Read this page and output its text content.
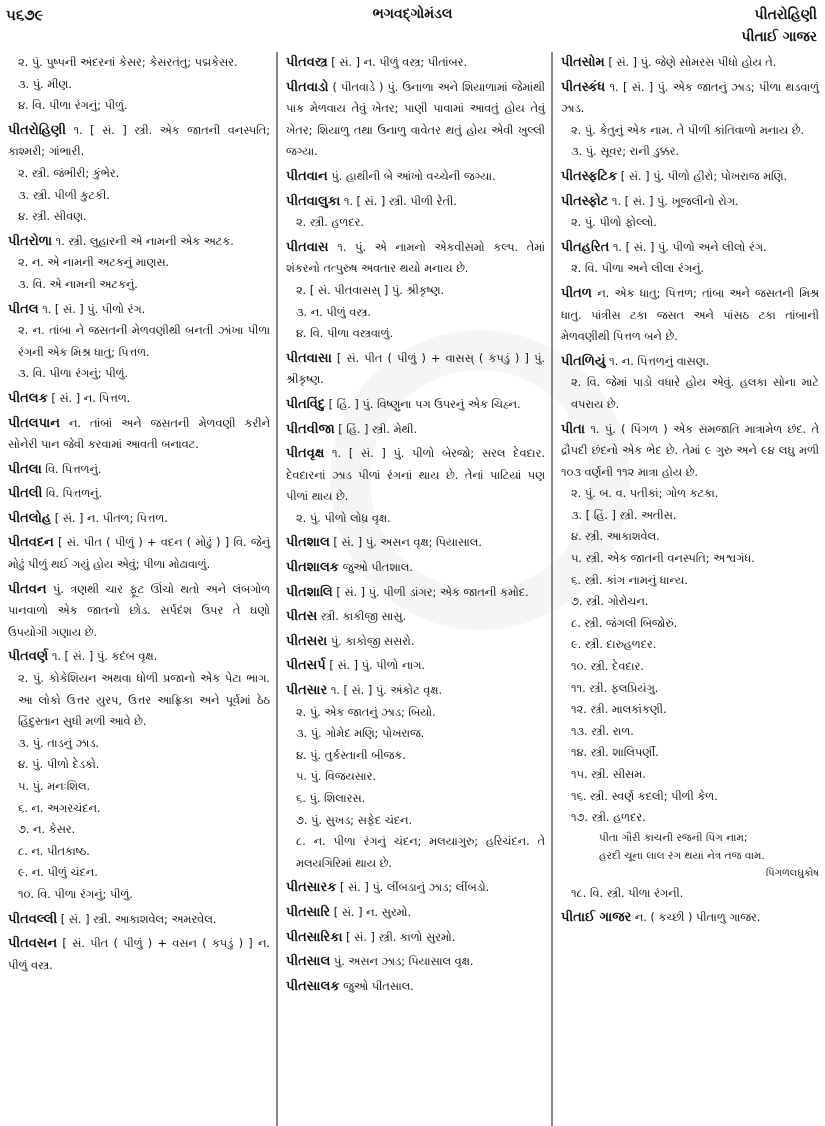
૫૬૭૯	ભગવદ્ગોમંડલ	પીતરોહિણી
પીતાઈ ગાજર
૨. પું. પુષ્પની અંદરનાં કેસર; કેસરતંતુ; પદ્મકેસર.
૩. પું. મીણ.
૪. વિ. પીળા રંગનું; પીળું.
પીતરોહિણી ૧. [ સં. ] સ્ત્રી. એક જાતની વનસ્પતિ; કાશ્મરી; ગાંભારી.
૨. સ્ત્રી. જંભીરી; કુંભેર.
૩. સ્ત્રી. પીળી કુટકી.
૪. સ્ત્રી. સીવણ.
પીતરોળા ૧. સ્ત્રી. લુહારની એ નામની એક અટક.
૨. ન. એ નામની અટકનું માણસ.
૩. વિ. એ નામની અટકનું.
પીતલ ૧. [ સં. ] પું. પીળો રંગ.
૨. ન. તાંબા ને જસતની મેળવણીથી બનતી ઝાંખા પીળા રંગની એક મિશ્ર ધાતુ; પિત્તળ.
૩. વિ. પીળા રંગનું; પીળું.
પીતલક [ સં. ] ન. પિત્તળ.
પીતલપાન ન. તાંબાં અને જસતની મેળવણી કરીને સોનેરી પાન જેવી કરવામાં આવતી બનાવટ.
પીતલા વિ. પિત્તળનું.
પીતલી વિ. પિત્તળનું.
પીતલોહ [ સં. ] ન. પીતળ; પિત્તળ.
પીતવદન [ સં. પીત ( પીળું ) + વદન ( મોઢું ) ] વિ. જેનું મોઢું પીળું થઈ ગયું હોય એવું; પીળા મોઢાવાળું.
પીતવન પું. ત્રણથી ચાર ફૂટ ઊંચો થતો અને લંબગોળ પાનવાળો એક જાતનો છોડ. સર્પદંશ ઉપર તે ઘણો ઉપયોગી ગણાય છે.
પીતવર્ણ ૧. [ સં. ] પું. કદંબ વૃક્ષ.
૨. પું. કોકેશિયન અથવા ધોળી પ્રજાનો એક પેટા ભાગ. આ લોકો ઉત્તર યુરપ, ઉત્તર આફ્રિકા અને પૂર્વમાં ઠેઠ હિંદુસ્તાન સુધી મળી આવે છે.
૩. પું. તાડનું ઝાડ.
૪. પું. પીળો દેડકો.
૫. પું. મનઃશિલ.
૬. ન. અગરચંદન.
૭. ન. કેસર.
૮. ન. પીતકાષ્ઠ.
૯. ન. પીળું ચંદન.
૧૦. વિ. પીળા રંગનું; પીળું.
પીતવલ્લી [ સં. ] સ્ત્રી. આકાશવેલ; અમરવેલ.
પીતવસન [ સં. પીત ( પીળું ) + વસન ( કપડું ) ] ન. પીળું વસ્ત્ર.
પીતવસ્ત્ર [ સં. ] ન. પીળું વસ્ત્ર; પીતાંબર.
પીતવાડો ( પીતવાડે ) પું. ઉનાળા અને શિયાળામાં જેમાંથી પાક મેળવાય તેવું ખેતર; પાણી પાવામાં આવતું હોય તેવું ખેતર; શિયાળુ તથા ઉનાળુ વાવેતર થતું હોય એવી ખુલ્લી જગ્યા.
પીતવાન પું. હાથીની બે આંખો વચ્ચેની જગ્યા.
પીતવાલુકા ૧. [ સં. ] સ્ત્રી. પીળી રેતી.
૨. સ્ત્રી. હળદર.
પીતવાસ ૧. પું. એ નામનો એકવીસમો કલ્પ. તેમાં શંકરનો તત્પુરુષ અવતાર થયો મનાય છે.
૨. [ સં. પીતવાસસ્ ] પું. શ્રીકૃષ્ણ.
૩. ન. પીળું વસ્ત્ર.
૪. વિ. પીળા વસ્ત્રવાળું.
પીતવાસા [ સં. પીત ( પીળું ) + વાસસ્ ( કપડું ) ] પું. શ્રીકૃષ્ણ.
પીતવિંદુ [ હિં. ] પું. વિષ્ણુના પગ ઉપરનું એક ચિહ્ન.
પીતવીજા [ હિં. ] સ્ત્રી. મેથી.
પીતવૃક્ષ ૧. [ સં. ] પું. પીળો બેરજો; સરલ દેવદાર. દેવદારનાં ઝાડ પીળાં રંગનાં થાય છે. તેનાં પાટિયાં પણ પીળાં થાય છે.
૨. પું. પીળો લોધ્ર વૃક્ષ.
પીતશાલ [ સં. ] પું. અસન વૃક્ષ; પિયાસાલ.
પીતશાલક જુઓ પીતશાલ.
પીતશાલિ [ સં. ] પું. પીળી ડાંગર; એક જાતની કમોદ.
પીતસ સ્ત્રી. કાકીજી સાસુ.
પીતસરા પું. કાકોજી સસરો.
પીતસર્પ [ સં. ] પું. પીળો નાગ.
પીતસાર ૧. [ સં. ] પું. અંકોટ વૃક્ષ.
૨. પું. એક જાતનું ઝાડ; બિયો.
૩. પું. ગોમેદ મણિ; પોખરાજ.
૪. પું. તુર્કસ્તાની બીજક.
૫. પું. વિજયસાર.
૬. પું. શિલારસ.
૭. પું. સુખડ; સફેદ ચંદન.
૮. ન. પીળા રંગનું ચંદન; મલયાગુરુ; હરિચંદન. તે મલયગિરિમાં થાય છે.
પીતસારક [ સં. ] પું. લીંબડાનું ઝાડ; લીંબડો.
પીતસારિ [ સં. ] ન. સુરમો.
પીતસારિકા [ સં. ] સ્ત્રી. કાળો સુરમો.
પીતસાલ પું. અસન ઝાડ; પિયાસાલ વૃક્ષ.
પીતસાલક જુઓ પીતસાલ.
પીતસોમ [ સં. ] પું. જેણે સોમરસ પીધો હોય તે.
પીતસ્કંધ ૧. [ સં. ] પું. એક જાતનું ઝાડ; પીળા થડવાળું ઝાડ.
૨. પું. કેતુનું એક નામ. તે પીળી કાંતિવાળો મનાય છે.
૩. પું. સૂવર; રાની ડુક્કર.
પીતસ્ફટિક [ સં. ] પું. પીળો હીરો; પોખરાજ મણિ.
પીતસ્ફોટ ૧. [ સં. ] પું. ખૂજલીનો રોગ.
૨. પું. પીળો ફોલ્લો.
પીતહરિત ૧. [ સં. ] પું. પીળો અને લીલો રંગ.
૨. વિ. પીળા અને લીલા રંગનું.
પીતળ ન. એક ધાતુ; પિત્તળ; તાંબા અને જસતની મિશ્ર ધાતુ. પાંત્રીસ ટકા જસત અને પાંસઠ ટકા તાંબાની મેળવણીથી પિત્તળ બને છે.
પીતળિયું ૧. ન. પિત્તળનું વાસણ.
૨. વિ. જેમાં પાડો વધારે હોય એવું. હલકા સોના માટે વપરાય છે.
પીતા ૧. પું. ( પિંગળ ) એક સમજાતિ માત્રામેળ છંદ. તે દ્રૌપદી છંદનો એક ભેદ છે. તેમાં ૯ ગુરુ અને ૯૪ લઘુ મળી ૧૦૩ વર્ણની ૧૧૨ માત્રા હોય છે.
૨. પું. બ. વ. પતીકાં; ગોળ કટકા.
૩. [ હિં. ] સ્ત્રી. અતીસ.
૪. સ્ત્રી. આકાશવેલ.
૫. સ્ત્રી. એક જાતની વનસ્પતિ; અશ્વગંધ.
૬. સ્ત્રી. કાંગ નામનું ધાન્ય.
૭. સ્ત્રી. ગોરોચન.
૮. સ્ત્રી. જંગલી બિજોરું.
૯. સ્ત્રી. દારુહળદર.
૧૦. સ્ત્રી. દેવદાર.
૧૧. સ્ત્રી. ફલપ્રિયંગુ.
૧૨. સ્ત્રી. માલકાંકણી.
૧૩. સ્ત્રી. રાળ.
૧૪. સ્ત્રી. શાલિપર્ણી.
૧૫. સ્ત્રી. સીસમ.
૧૬. સ્ત્રી. સ્વર્ણ કદલી; પીળી કેળ.
૧૭. સ્ત્રી. હળદર.
પીતા ગૌરી કાંચની રજની પિંગ નામ;
હરદી ચૂના લાલ રંગ થયાં નેત્ર તજ વામ.
પિંગળલઘુકોષ
૧૮. વિ. સ્ત્રી. પીળા રંગની.
પીતાઈ ગાજર ન. ( કચ્છી ) પીતાળુ ગાજર.
